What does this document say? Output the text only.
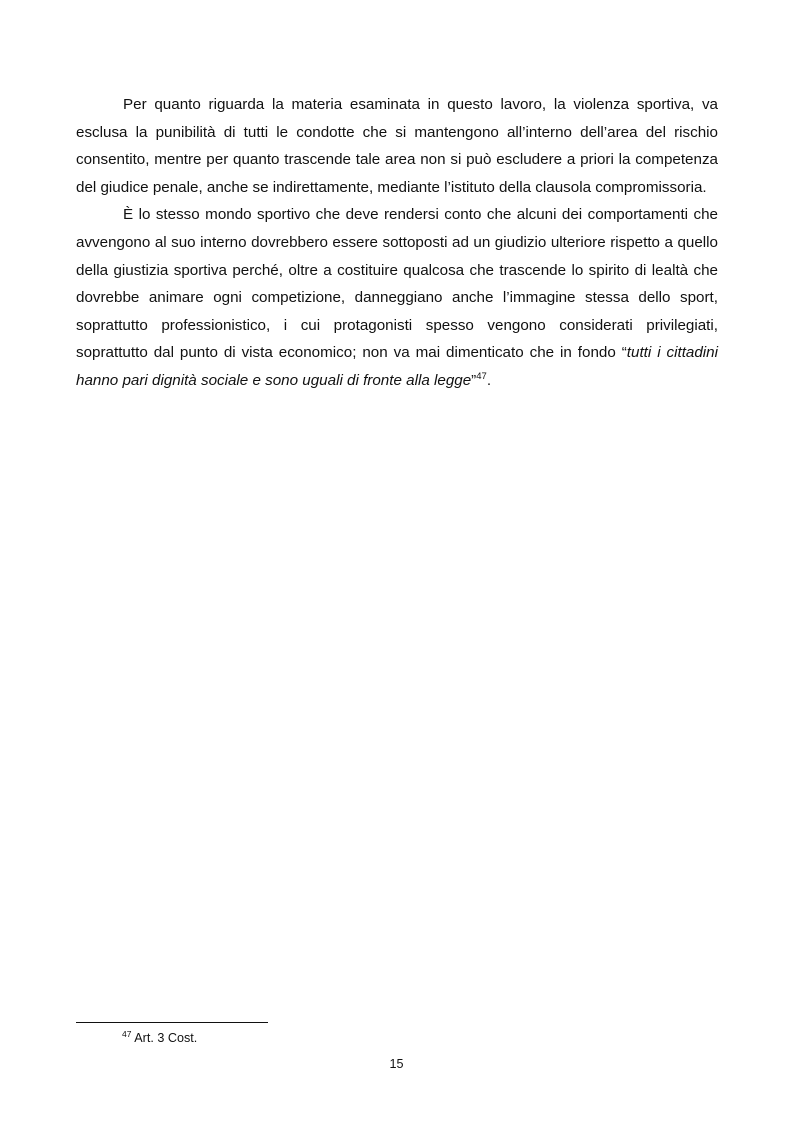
Per quanto riguarda la materia esaminata in questo lavoro, la violenza sportiva, va esclusa la punibilità di tutti le condotte che si mantengono all’interno dell’area del rischio consentito, mentre per quanto trascende tale area non si può escludere a priori la competenza del giudice penale, anche se indirettamente, mediante l’istituto della clausola compromissoria.

È lo stesso mondo sportivo che deve rendersi conto che alcuni dei comportamenti che avvengono al suo interno dovrebbero essere sottoposti ad un giudizio ulteriore rispetto a quello della giustizia sportiva perché, oltre a costituire qualcosa che trascende lo spirito di lealtà che dovrebbe animare ogni competizione, danneggiano anche l’immagine stessa dello sport, soprattutto professionistico, i cui protagonisti spesso vengono considerati privilegiati, soprattutto dal punto di vista economico; non va mai dimenticato che in fondo “tutti i cittadini hanno pari dignità sociale e sono uguali di fronte alla legge”$^{47}$.

$^{47}$ Art. 3 Cost.
15
